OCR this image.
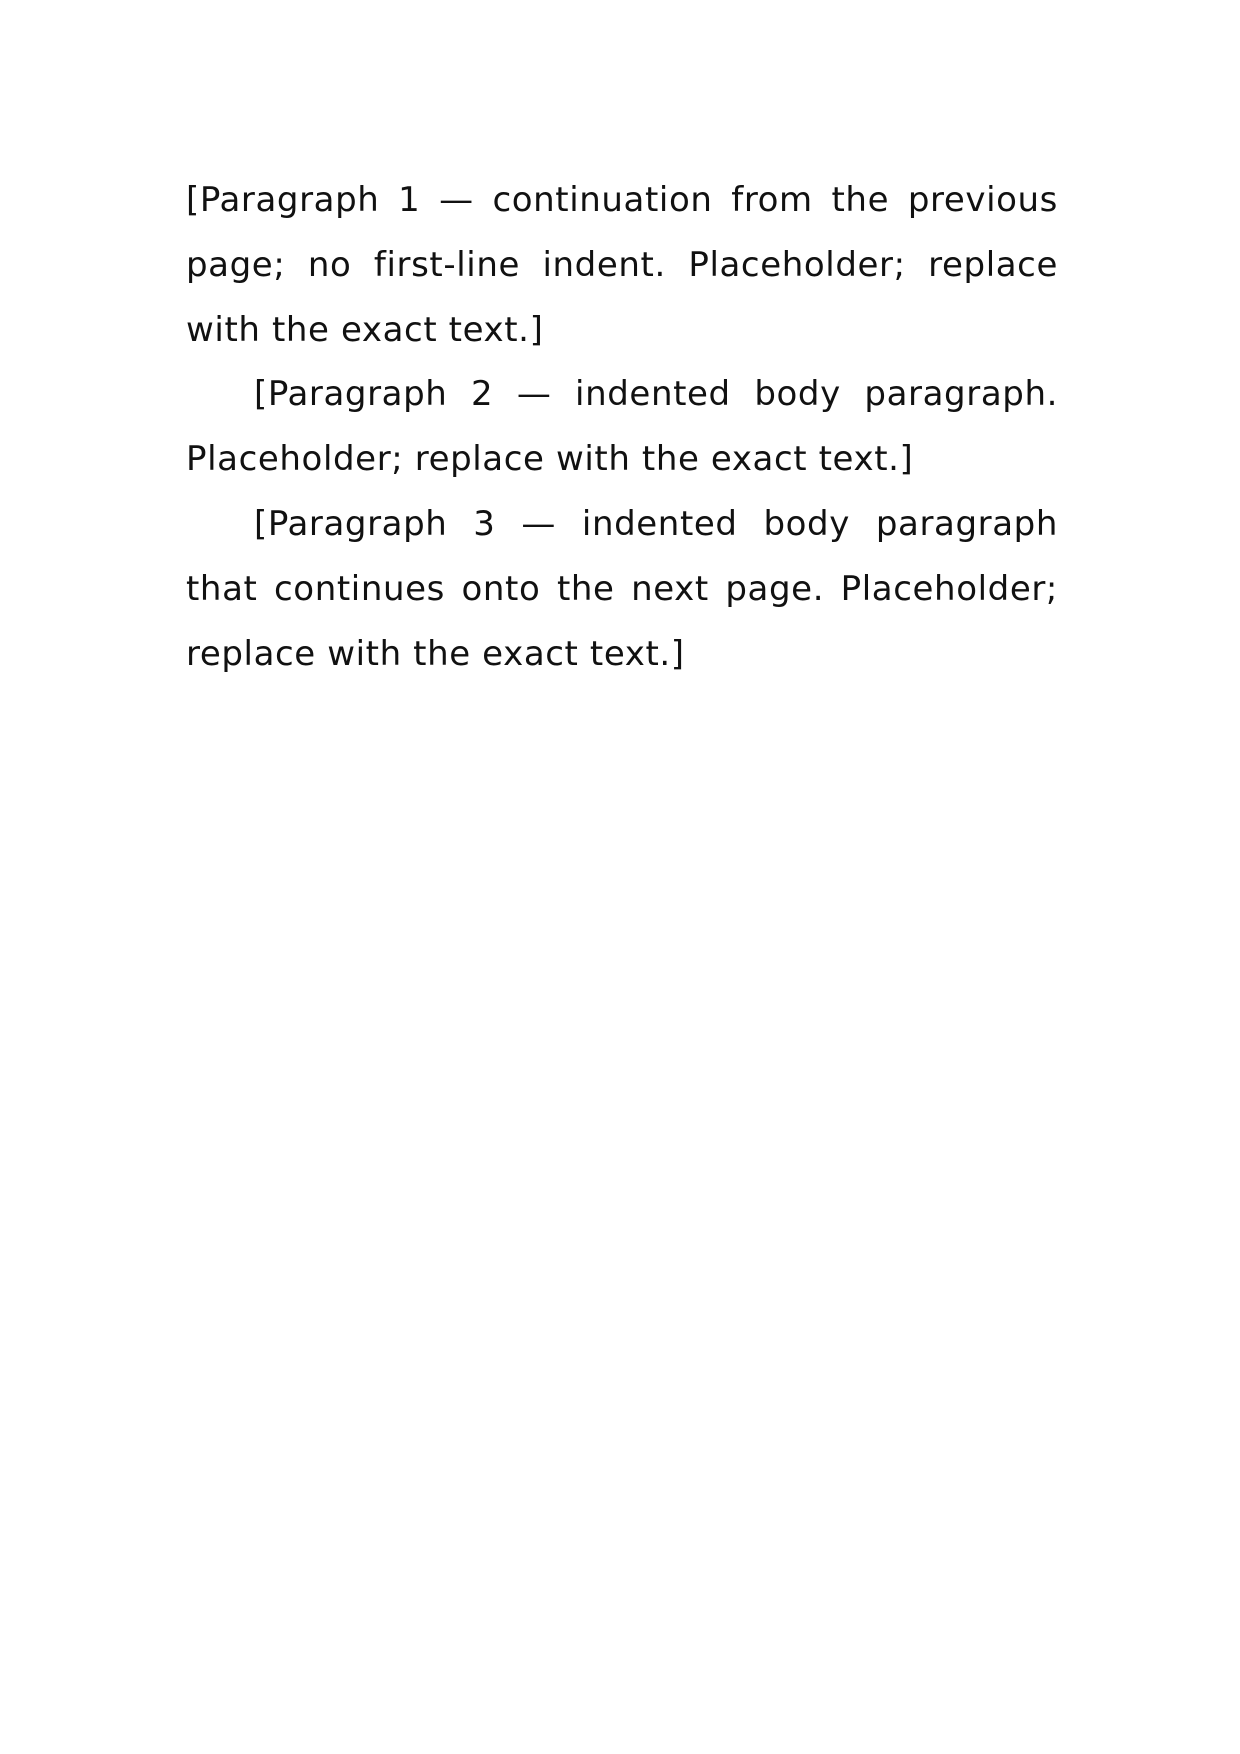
[Paragraph 1 — continuation from the previous page; no first-line indent. Placeholder; replace with the exact text.]

[Paragraph 2 — indented body paragraph. Placeholder; replace with the exact text.]

[Paragraph 3 — indented body paragraph that continues onto the next page. Placeholder; replace with the exact text.]
